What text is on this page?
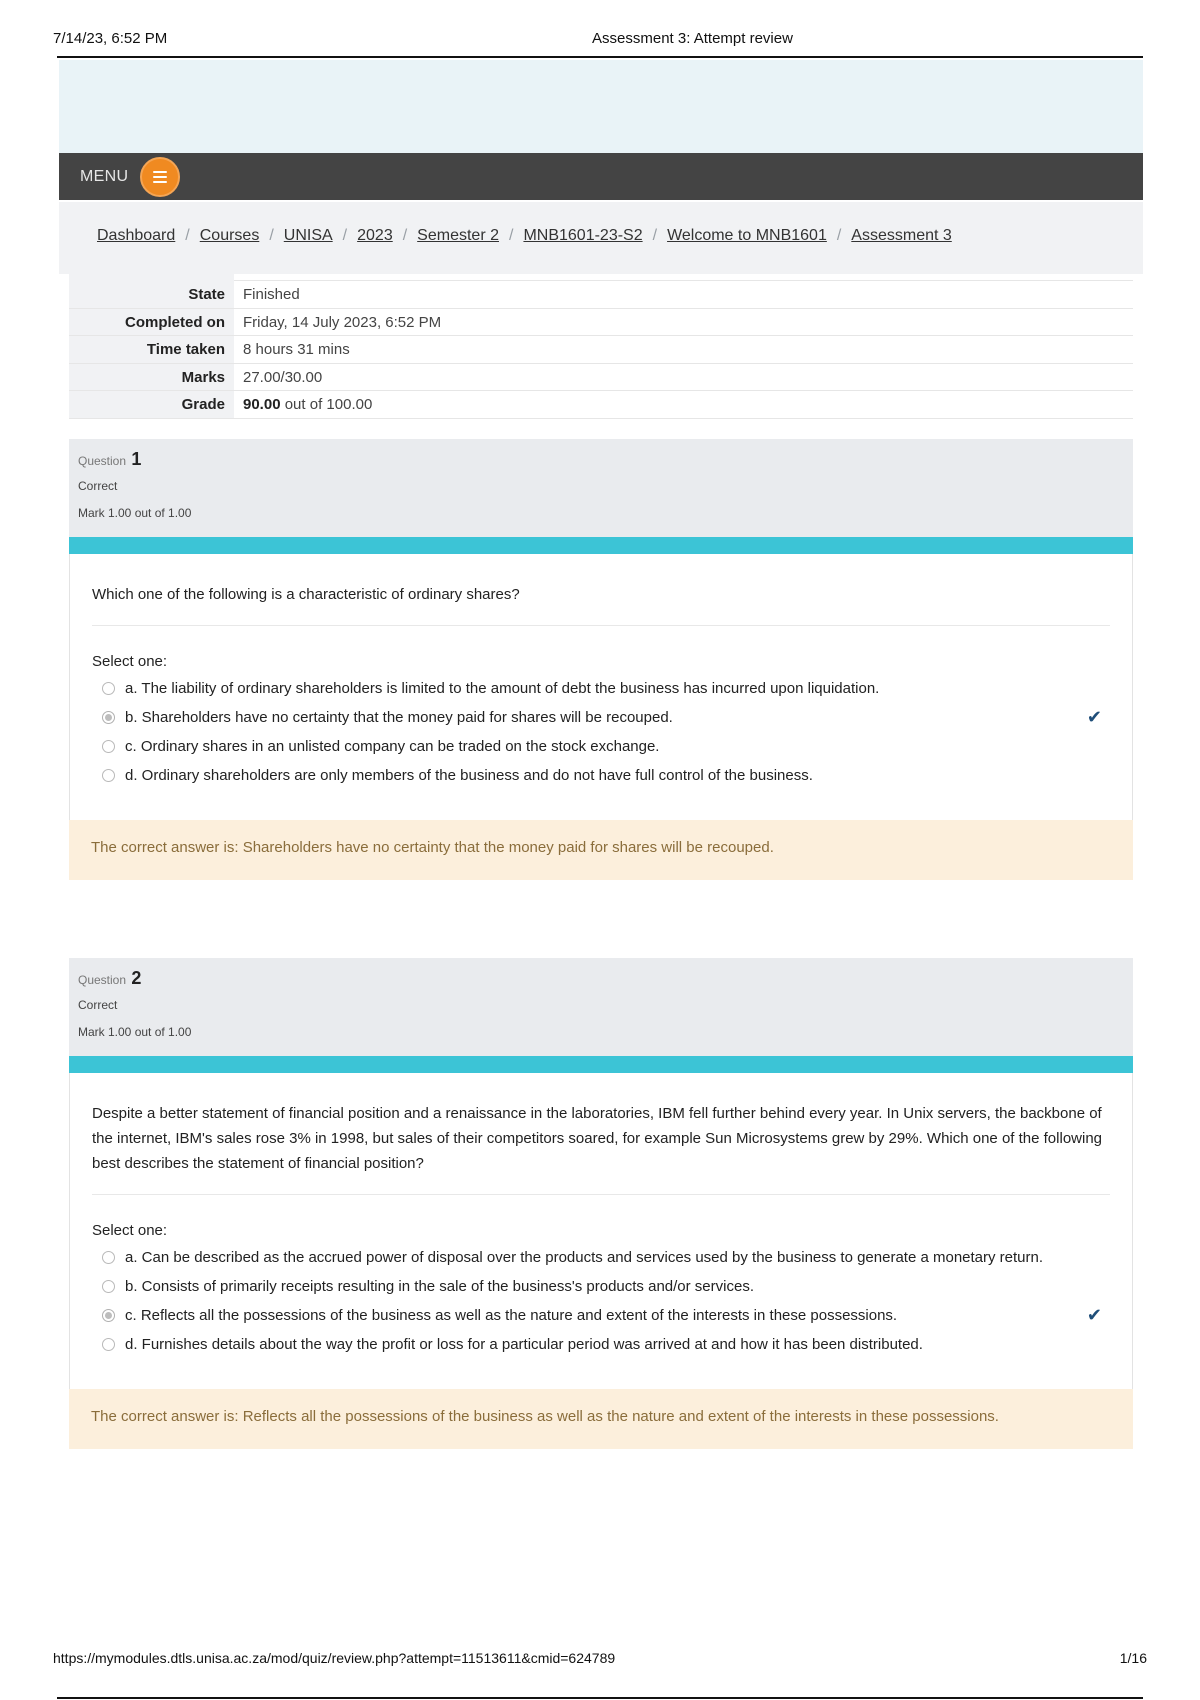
7/14/23, 6:52 PM	Assessment 3: Attempt review
MENU
Dashboard / Courses / UNISA / 2023 / Semester 2 / MNB1601-23-S2 / Welcome to MNB1601 / Assessment 3
State	Finished
Completed on	Friday, 14 July 2023, 6:52 PM
Time taken	8 hours 31 mins
Marks	27.00/30.00
Grade	90.00 out of 100.00
Question 1
Correct
Mark 1.00 out of 1.00
Which one of the following is a characteristic of ordinary shares?
Select one:
a. The liability of ordinary shareholders is limited to the amount of debt the business has incurred upon liquidation.
b. Shareholders have no certainty that the money paid for shares will be recouped.	✔
c. Ordinary shares in an unlisted company can be traded on the stock exchange.
d. Ordinary shareholders are only members of the business and do not have full control of the business.
The correct answer is: Shareholders have no certainty that the money paid for shares will be recouped.
Question 2
Correct
Mark 1.00 out of 1.00
Despite a better statement of financial position and a renaissance in the laboratories, IBM fell further behind every year. In Unix servers, the backbone of the internet, IBM's sales rose 3% in 1998, but sales of their competitors soared, for example Sun Microsystems grew by 29%. Which one of the following best describes the statement of financial position?
Select one:
a. Can be described as the accrued power of disposal over the products and services used by the business to generate a monetary return.
b. Consists of primarily receipts resulting in the sale of the business's products and/or services.
c. Reflects all the possessions of the business as well as the nature and extent of the interests in these possessions.	✔
d. Furnishes details about the way the profit or loss for a particular period was arrived at and how it has been distributed.
The correct answer is: Reflects all the possessions of the business as well as the nature and extent of the interests in these possessions.
https://mymodules.dtls.unisa.ac.za/mod/quiz/review.php?attempt=11513611&cmid=624789	1/16
